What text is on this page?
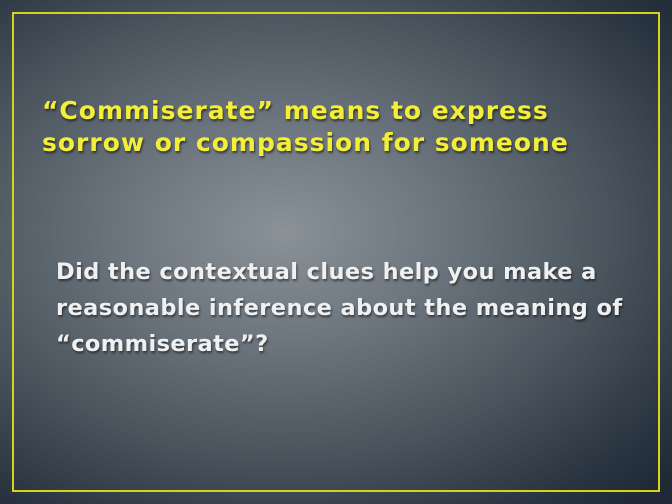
“Commiserate” means to express sorrow or compassion for someone

Did the contextual clues help you make a reasonable inference about the meaning of “commiserate”?
